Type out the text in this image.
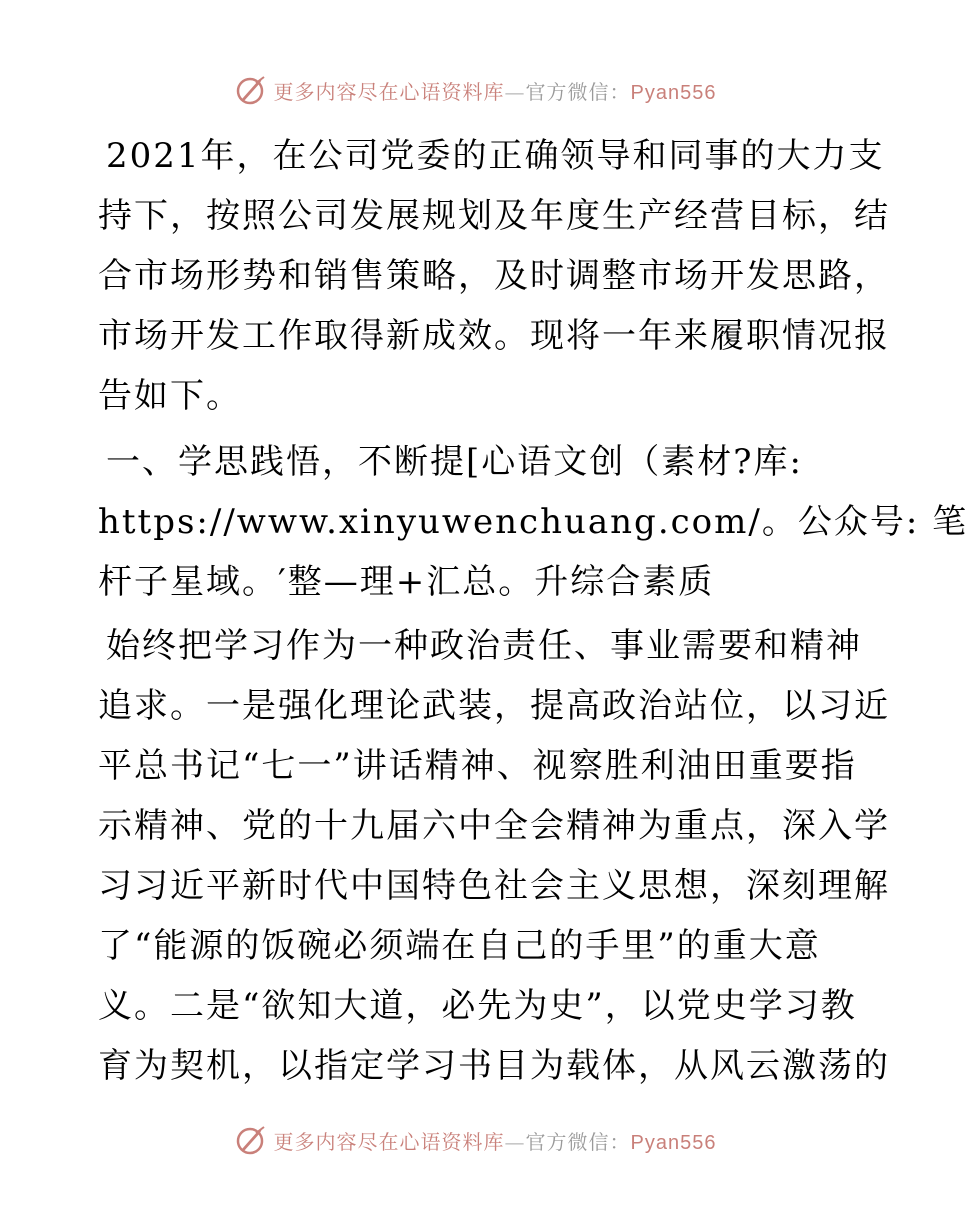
更多内容尽在心语资料库—官方微信：Pyan556

2021年，在公司党委的正确领导和同事的大力支
持下，按照公司发展规划及年度生产经营目标，结
合市场形势和销售策略，及时调整市场开发思路，
市场开发工作取得新成效。现将一年来履职情况报
告如下。

一、学思践悟，不断提[心语文创（素材?库:
https://www.xinyuwenchuang.com/。公众号: 笔
杆子星域。′整—理+汇总。升综合素质

始终把学习作为一种政治责任、事业需要和精神
追求。一是强化理论武装，提高政治站位，以习近
平总书记“七一”讲话精神、视察胜利油田重要指
示精神、党的十九届六中全会精神为重点，深入学
习习近平新时代中国特色社会主义思想，深刻理解
了“能源的饭碗必须端在自己的手里”的重大意
义。二是“欲知大道，必先为史”，以党史学习教
育为契机，以指定学习书目为载体，从风云激荡的

更多内容尽在心语资料库—官方微信：Pyan556
